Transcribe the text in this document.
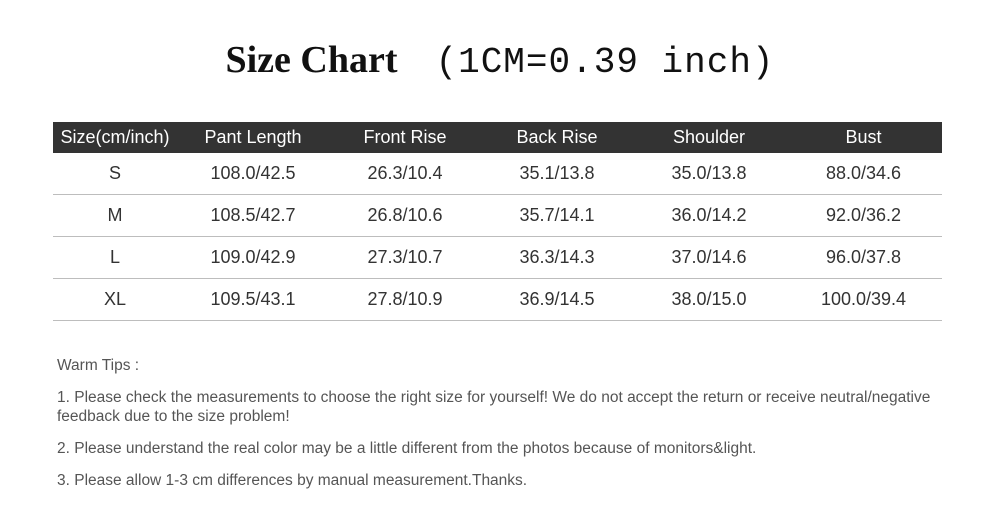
Size Chart (1CM=0.39 inch)
Size(cm/inch)	Pant Length	Front Rise	Back Rise	Shoulder	Bust
S	108.0/42.5	26.3/10.4	35.1/13.8	35.0/13.8	88.0/34.6
M	108.5/42.7	26.8/10.6	35.7/14.1	36.0/14.2	92.0/36.2
L	109.0/42.9	27.3/10.7	36.3/14.3	37.0/14.6	96.0/37.8
XL	109.5/43.1	27.8/10.9	36.9/14.5	38.0/15.0	100.0/39.4
Warm Tips :
1. Please check the measurements to choose the right size for yourself! We do not accept the return or receive neutral/negative feedback due to the size problem!
2. Please understand the real color may be a little different from the photos because of monitors&light.
3. Please allow 1-3 cm differences by manual measurement.Thanks.
